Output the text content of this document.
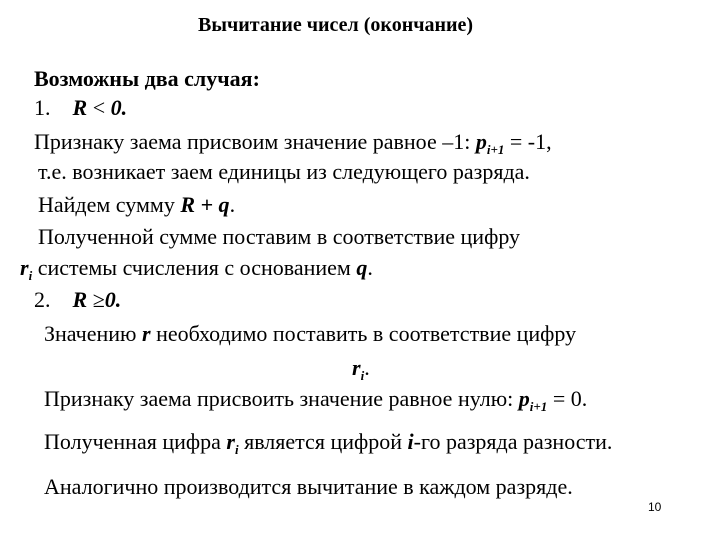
Вычитание чисел (окончание)
Возможны два случая:
1. R < 0.
Признаку заема присвоим значение равное –1: $p_{i+1} = -1$,
т.е. возникает заем единицы из следующего разряда.
Найдем сумму R + q.
Полученной сумме поставим в соответствие цифру
$r_i$ системы счисления с основанием q.
2. R ≥0.
Значению r необходимо поставить в соответствие цифру
$r_i$.
Признаку заема присвоить значение равное нулю: $p_{i+1} = 0$.
Полученная цифра $r_i$ является цифрой i-го разряда разности.
Аналогично производится вычитание в каждом разряде.
10
